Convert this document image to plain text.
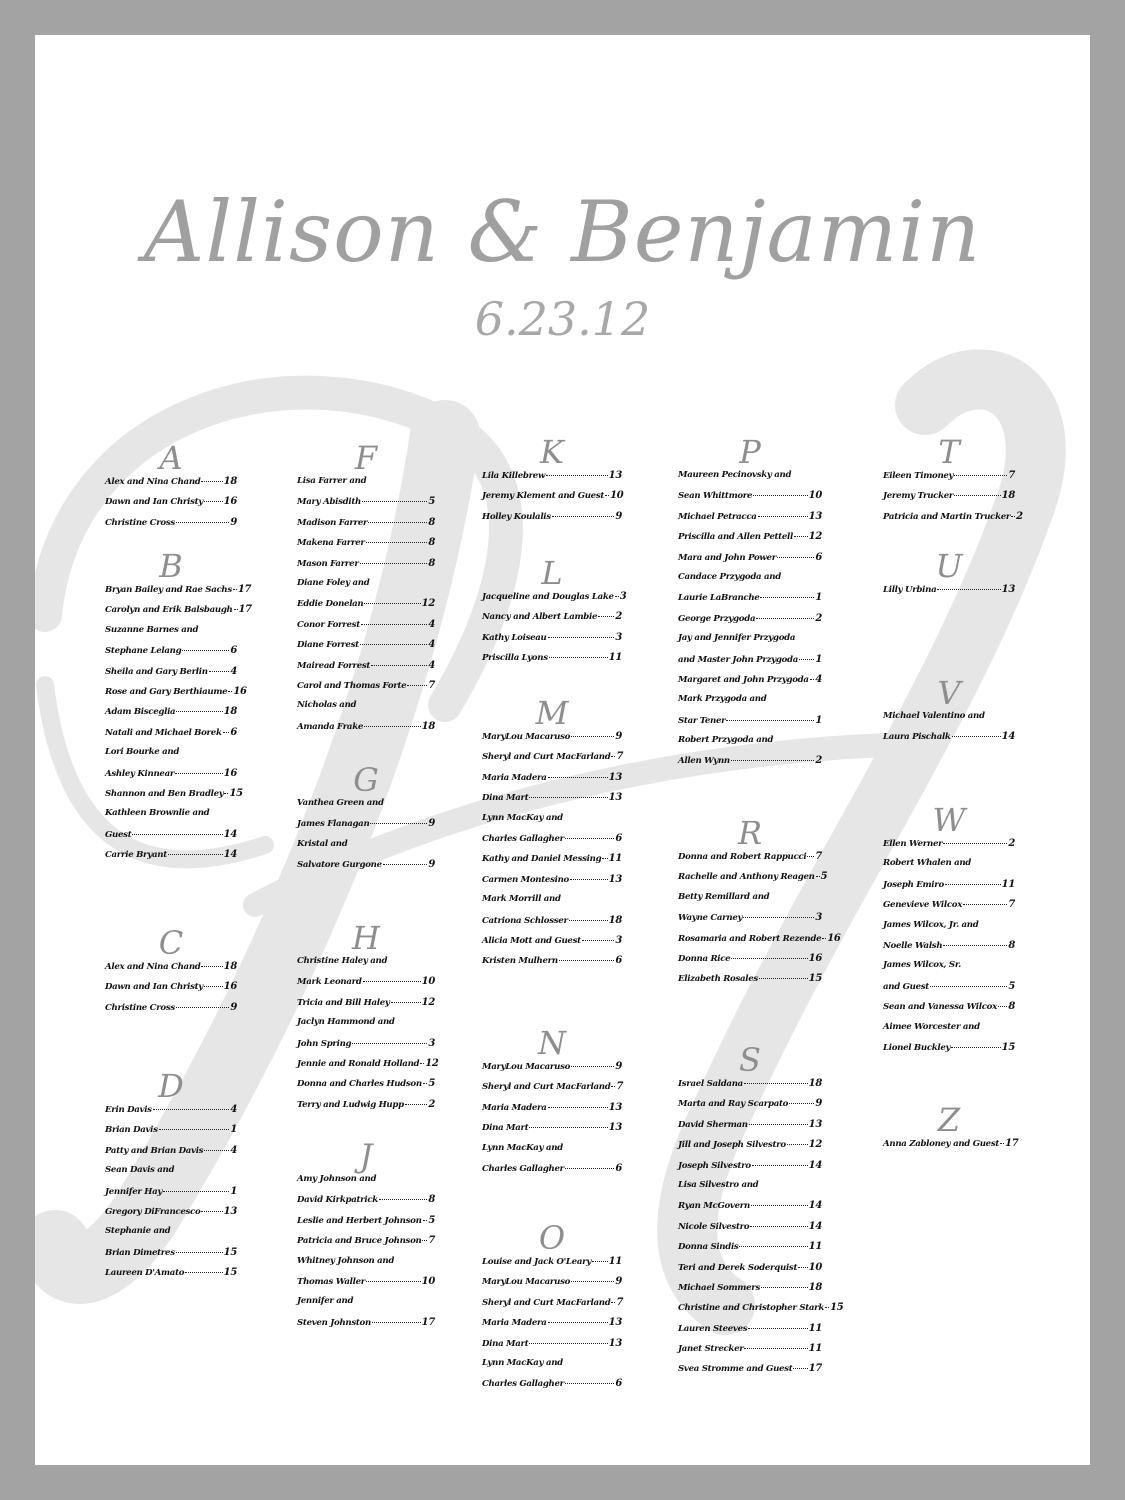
Allison & Benjamin
6.23.12
A
Alex and Nina Chand 18
Dawn and Ian Christy 16
Christine Cross	9
B
Bryan Bailey and Rae Sachs 17
Carolyn and Erik Balsbaugh 17
Suzanne Barnes and
Stephane Lelang	6
Sheila and Gary Berlin 4
Rose and Gary Berthiaume 16
Adam Bisceglia	18
Natali and Michael Borek 6
Lori Bourke and
Ashley Kinnear	16
Shannon and Ben Bradley 15
Kathleen Brownlie and
Guest	14
Carrie Bryant	14
C
Alex and Nina Chand 18
Dawn and Ian Christy 16
Christine Cross	9
D
Erin Davis	4
Brian Davis	1
Patty and Brian Davis	4
Sean Davis and
Jennifer Hay	1
Gregory DiFrancesco 13
Stephanie and
Brian Dimetres	15
Laureen D'Amato	15
F
Lisa Farrer and
Mary Abisdith	5
Madison Farrer	8
Makena Farrer	8
Mason Farrer	8
Diane Foley and
Eddie Donelan	12
Conor Forrest	4
Diane Forrest	4
Mairead Forrest	4
Carol and Thomas Forte 7
Nicholas and
Amanda Frake	18
G
Vanthea Green and
James Flanagan	9
Kristal and
Salvatore Gurgone	9
H
Christine Haley and
Mark Leonard	10
Tricia and Bill Haley	12
Jaclyn Hammond and
John Spring	3
Jennie and Ronald Holland 12
Donna and Charles Hudson 5
Terry and Ludwig Hupp 2
J
Amy Johnson and
David Kirkpatrick	8
Leslie and Herbert Johnson 5
Patricia and Bruce Johnson 7
Whitney Johnson and
Thomas Waller	10
Jennifer and
Steven Johnston	17
K
Lila Killebrew	13
Jeremy Klement and Guest 10
Holley Koulalis	9
L
Jacqueline and Douglas Lake 3
Nancy and Albert Lambie 2
Kathy Loiseau	3
Priscilla Lyons	11
M
MaryLou Macaruso	9
Sheryl and Curt MacFarland 7
Maria Madera	13
Dina Mart	13
Lynn MacKay and
Charles Gallagher	6
Kathy and Daniel Messing 11
Carmen Montesino	13
Mark Morrill and
Catriona Schlosser	18
Alicia Mott and Guest	3
Kristen Mulhern	6
N
MaryLou Macaruso	9
Sheryl and Curt MacFarland 7
Maria Madera	13
Dina Mart	13
Lynn MacKay and
Charles Gallagher	6
O
Louise and Jack O'Leary 11
MaryLou Macaruso	9
Sheryl and Curt MacFarland 7
Maria Madera	13
Dina Mart	13
Lynn MacKay and
Charles Gallagher	6
P
Maureen Pecinovsky and
Sean Whittmore	10
Michael Petracca	13
Priscilla and Allen Pettell 12
Mara and John Power	6
Candace Przygoda and
Laurie LaBranche	1
George Przygoda	2
Jay and Jennifer Przygoda
and Master John Przygoda 1
Margaret and John Przygoda 4
Mark Przygoda and
Star Tener	1
Robert Przygoda and
Allen Wynn	2
R
Donna and Robert Rappucci 7
Rachelle and Anthony Reagen 5
Betty Remillard and
Wayne Carney	3
Rosamaria and Robert Rezende 16
Donna Rice	16
Elizabeth Rosales	15
S
Israel Saldana	18
Marta and Ray Scarpato	9
David Sherman	13
Jill and Joseph Silvestro 12
Joseph Silvestro	14
Lisa Silvestro and
Ryan McGovern	14
Nicole Silvestro	14
Donna Sindis	11
Teri and Derek Soderquist 10
Michael Sommers	18
Christine and Christopher Stark 15
Lauren Steeves	11
Janet Strecker	11
Svea Stromme and Guest 17
T
Eileen Timoney	7
Jeremy Trucker	18
Patricia and Martin Trucker 2
U
Lilly Urbina	13
V
Michael Valentino and
Laura Pischalk	14
W
Ellen Werner	2
Robert Whalen and
Joseph Emiro	11
Genevieve Wilcox	7
James Wilcox, Jr. and
Noelle Walsh	8
James Wilcox, Sr.
and Guest	5
Sean and Vanessa Wilcox 8
Aimee Worcester and
Lionel Buckley	15
Z
Anna Zabloney and Guest 17
